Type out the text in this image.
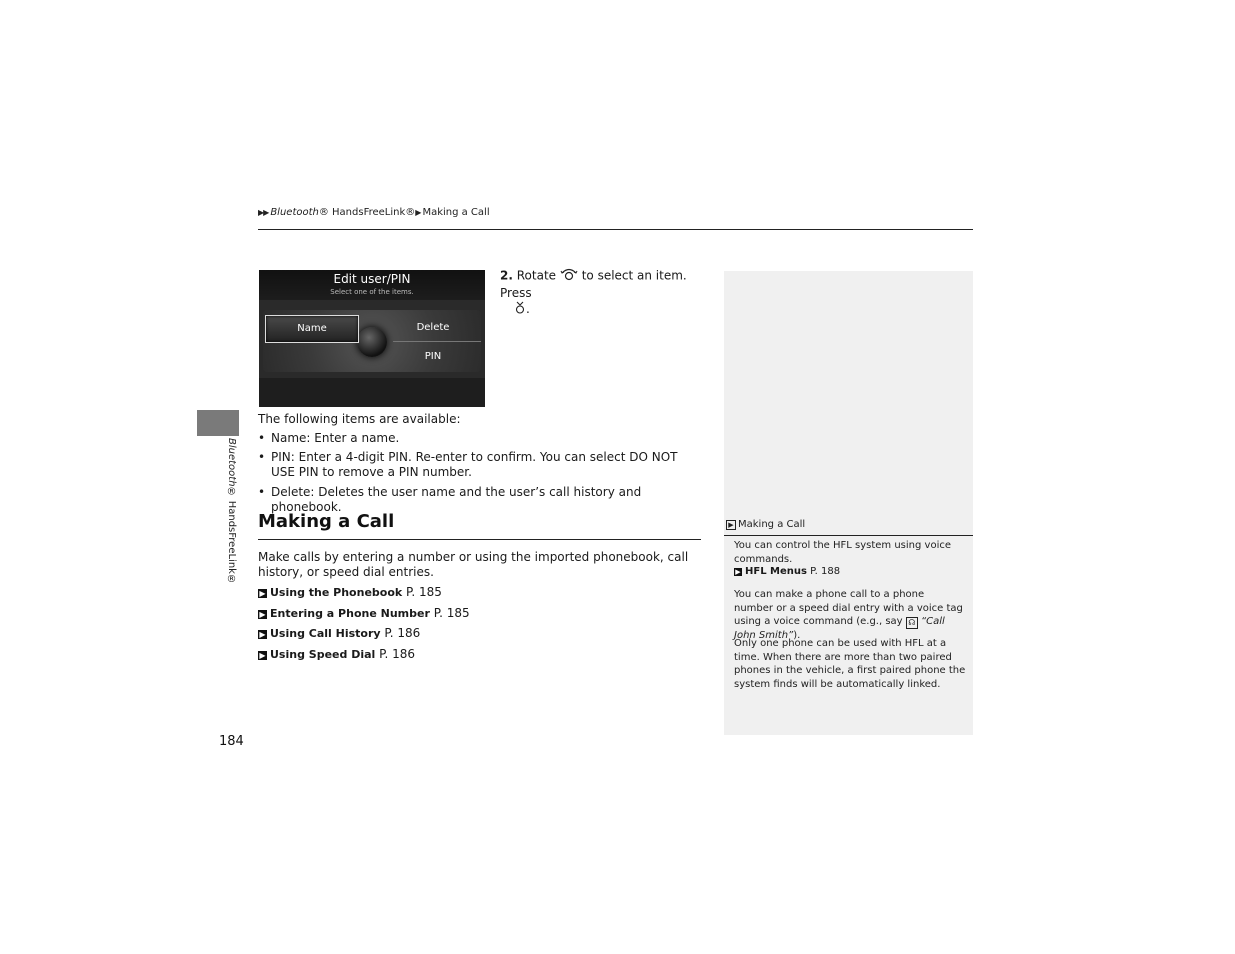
▶▶ Bluetooth® HandsFreeLink®▶ Making a Call
Bluetooth® HandsFreeLink®
Edit user/PIN
Select one of the items.
Name	Delete
PIN
2. Rotate to select an item. Press
.
The following items are available:
• Name: Enter a name.
• PIN: Enter a 4-digit PIN. Re-enter to confirm. You can select DO NOT USE PIN to remove a PIN number.
• Delete: Deletes the user name and the user’s call history and phonebook.
Making a Call
Make calls by entering a number or using the imported phonebook, call history, or speed dial entries.
▶ Using the Phonebook P. 185
▶ Entering a Phone Number P. 185
▶ Using Call History P. 186
▶ Using Speed Dial P. 186
▶ Making a Call
You can control the HFL system using voice commands.
▶ HFL Menus P. 188
You can make a phone call to a phone number or a speed dial entry with a voice tag using a voice command (e.g., say ☊ “Call John Smith”).
Only one phone can be used with HFL at a time. When there are more than two paired phones in the vehicle, a first paired phone the system finds will be automatically linked.
184
